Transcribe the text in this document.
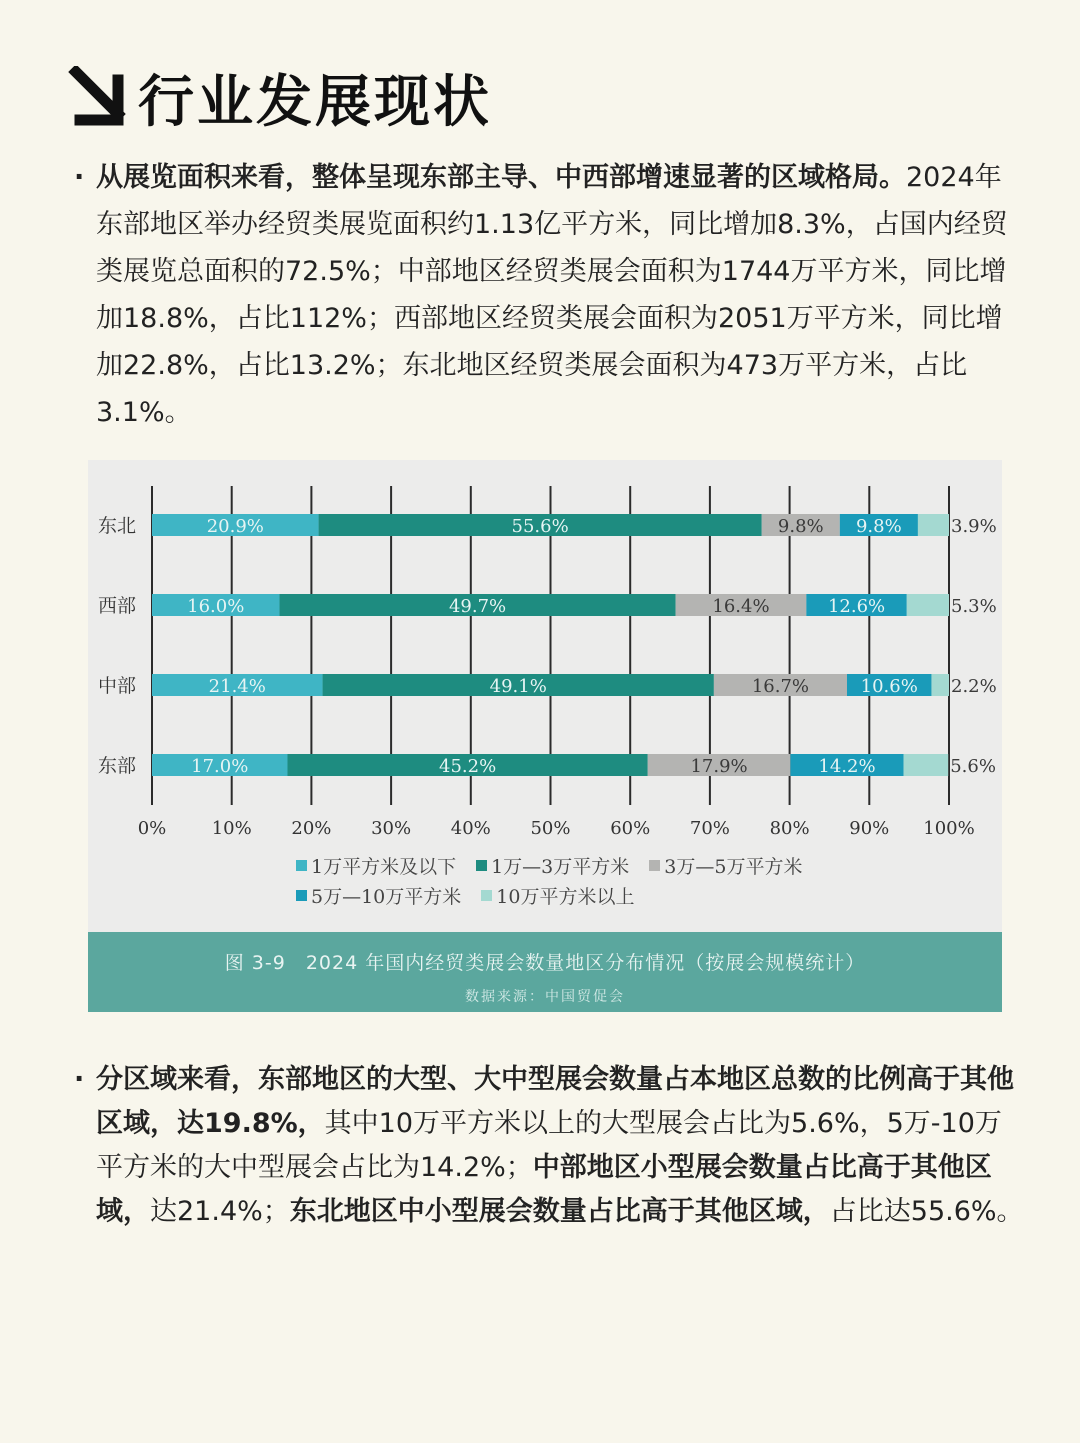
行业发展现状
· 从展览面积来看，整体呈现东部主导、中西部增速显著的区域格局。2024年东部地区举办经贸类展览面积约1.13亿平方米，同比增加8.3%，占国内经贸类展览总面积的72.5%；中部地区经贸类展会面积为1744万平方米，同比增加18.8%，占比112%；西部地区经贸类展会面积为2051万平方米，同比增加22.8%，占比13.2%；东北地区经贸类展会面积为473万平方米，占比3.1%。
0%	10% 20% 30% 40% 50% 60% 70% 80% 90% 100%
东北	20.9%	55.6%	9.8% 9.8%	3.9%
西部	16.0%	49.7%	16.4%	12.6%	5.3%
中部	21.4%	49.1%	16.7%	10.6% 2.2%
东部	17.0%	45.2%	17.9%	14.2%	5.6%
1万平方米及以下 1万—3万平方米 3万—5万平方米
5万—10万平方米 10万平方米以上
图 3-9　2024 年国内经贸类展会数量地区分布情况（按展会规模统计）
数据来源：中国贸促会
· 分区域来看，东部地区的大型、大中型展会数量占本地区总数的比例高于其他区域，达19.8%，其中10万平方米以上的大型展会占比为5.6%，5万-10万平方米的大中型展会占比为14.2%；中部地区小型展会数量占比高于其他区域，达21.4%；东北地区中小型展会数量占比高于其他区域，占比达55.6%。
